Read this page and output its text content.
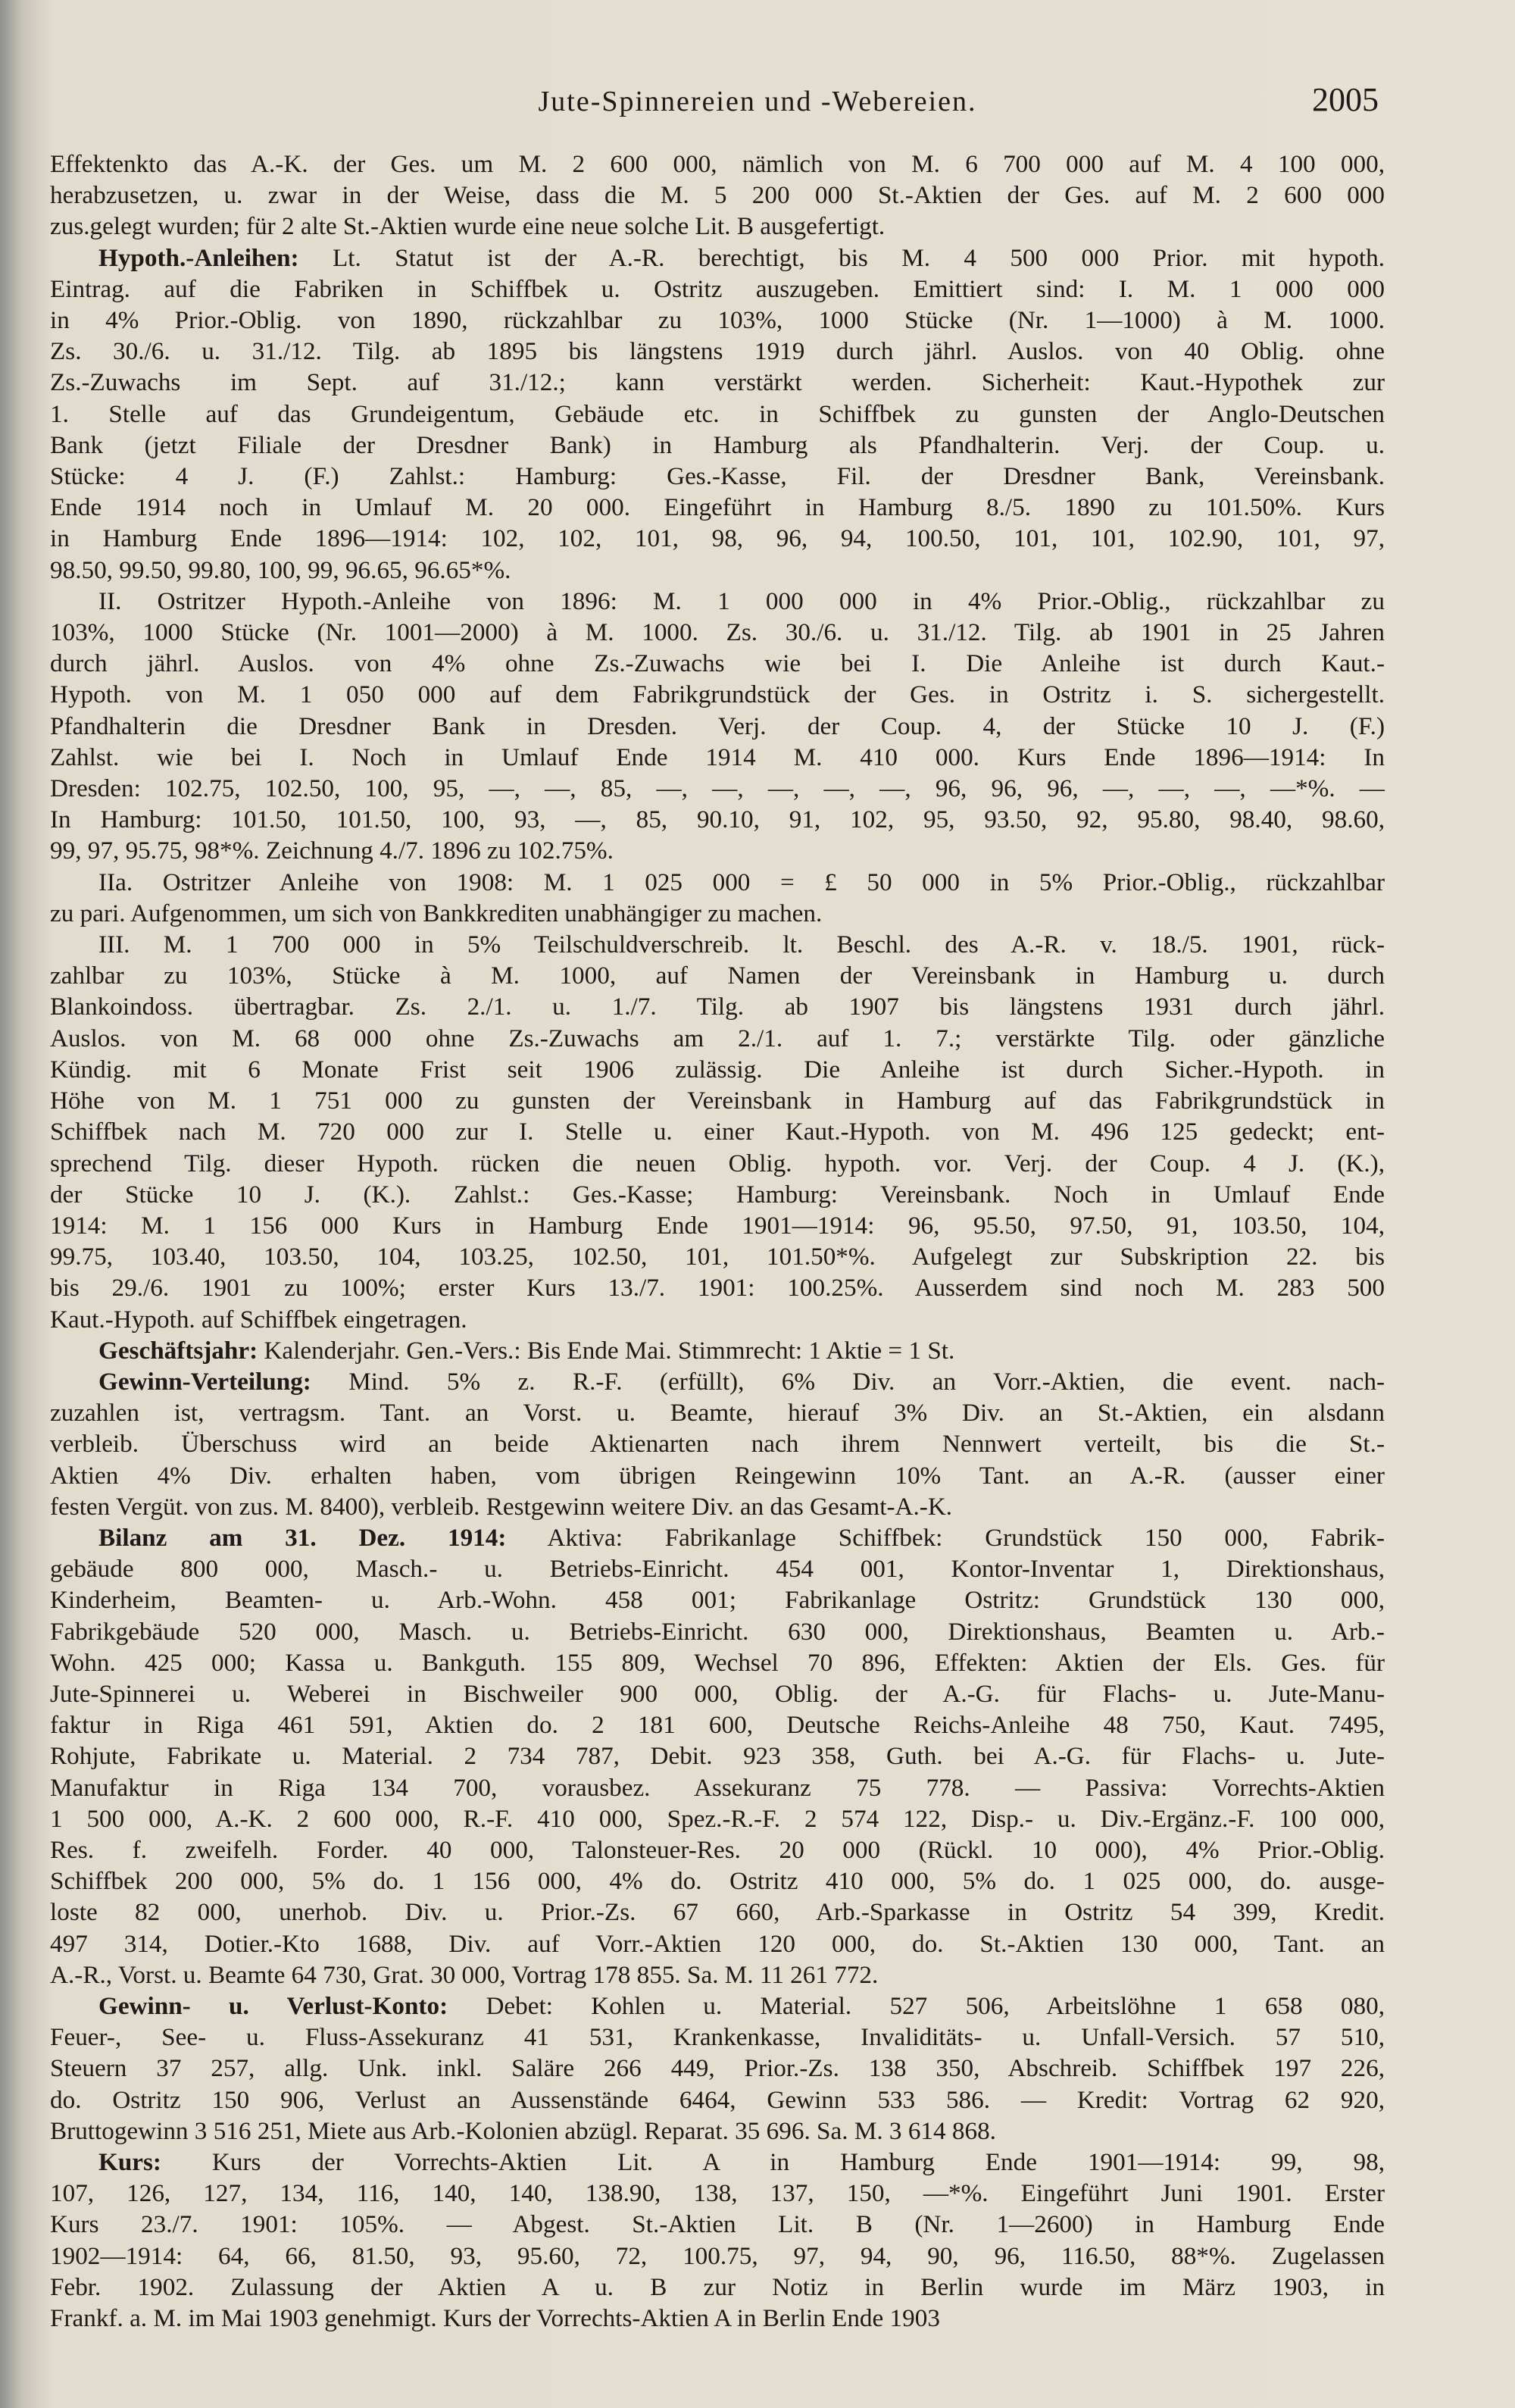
Jute-Spinnereien und -Webereien.	2005
Effektenkto das A.-K. der Ges. um M. 2 600 000, nämlich von M. 6 700 000 auf M. 4 100 000,
herabzusetzen, u. zwar in der Weise, dass die M. 5 200 000 St.-Aktien der Ges. auf M. 2 600 000
zus.gelegt wurden; für 2 alte St.-Aktien wurde eine neue solche Lit. B ausgefertigt.
Hypoth.-Anleihen: Lt. Statut ist der A.-R. berechtigt, bis M. 4 500 000 Prior. mit hypoth.
Eintrag. auf die Fabriken in Schiffbek u. Ostritz auszugeben. Emittiert sind: I. M. 1 000 000
in 4% Prior.-Oblig. von 1890, rückzahlbar zu 103%, 1000 Stücke (Nr. 1—1000) à M. 1000.
Zs. 30./6. u. 31./12. Tilg. ab 1895 bis längstens 1919 durch jährl. Auslos. von 40 Oblig. ohne
Zs.-Zuwachs im Sept. auf 31./12.; kann verstärkt werden. Sicherheit: Kaut.-Hypothek zur
1. Stelle auf das Grundeigentum, Gebäude etc. in Schiffbek zu gunsten der Anglo-Deutschen
Bank (jetzt Filiale der Dresdner Bank) in Hamburg als Pfandhalterin. Verj. der Coup. u.
Stücke: 4 J. (F.) Zahlst.: Hamburg: Ges.-Kasse, Fil. der Dresdner Bank, Vereinsbank.
Ende 1914 noch in Umlauf M. 20 000. Eingeführt in Hamburg 8./5. 1890 zu 101.50%. Kurs
in Hamburg Ende 1896—1914: 102, 102, 101, 98, 96, 94, 100.50, 101, 101, 102.90, 101, 97,
98.50, 99.50, 99.80, 100, 99, 96.65, 96.65*%.
II. Ostritzer Hypoth.-Anleihe von 1896: M. 1 000 000 in 4% Prior.-Oblig., rückzahlbar zu
103%, 1000 Stücke (Nr. 1001—2000) à M. 1000. Zs. 30./6. u. 31./12. Tilg. ab 1901 in 25 Jahren
durch jährl. Auslos. von 4% ohne Zs.-Zuwachs wie bei I. Die Anleihe ist durch Kaut.-
Hypoth. von M. 1 050 000 auf dem Fabrikgrundstück der Ges. in Ostritz i. S. sichergestellt.
Pfandhalterin die Dresdner Bank in Dresden. Verj. der Coup. 4, der Stücke 10 J. (F.)
Zahlst. wie bei I. Noch in Umlauf Ende 1914 M. 410 000. Kurs Ende 1896—1914: In
Dresden: 102.75, 102.50, 100, 95, —, —, 85, —, —, —, —, —, 96, 96, 96, —, —, —, —*%. —
In Hamburg: 101.50, 101.50, 100, 93, —, 85, 90.10, 91, 102, 95, 93.50, 92, 95.80, 98.40, 98.60,
99, 97, 95.75, 98*%. Zeichnung 4./7. 1896 zu 102.75%.
IIa. Ostritzer Anleihe von 1908: M. 1 025 000 = £ 50 000 in 5% Prior.-Oblig., rückzahlbar
zu pari. Aufgenommen, um sich von Bankkrediten unabhängiger zu machen.
III. M. 1 700 000 in 5% Teilschuldverschreib. lt. Beschl. des A.-R. v. 18./5. 1901, rück-
zahlbar zu 103%, Stücke à M. 1000, auf Namen der Vereinsbank in Hamburg u. durch
Blankoindoss. übertragbar. Zs. 2./1. u. 1./7. Tilg. ab 1907 bis längstens 1931 durch jährl.
Auslos. von M. 68 000 ohne Zs.-Zuwachs am 2./1. auf 1. 7.; verstärkte Tilg. oder gänzliche
Kündig. mit 6 Monate Frist seit 1906 zulässig. Die Anleihe ist durch Sicher.-Hypoth. in
Höhe von M. 1 751 000 zu gunsten der Vereinsbank in Hamburg auf das Fabrikgrundstück in
Schiffbek nach M. 720 000 zur I. Stelle u. einer Kaut.-Hypoth. von M. 496 125 gedeckt; ent-
sprechend Tilg. dieser Hypoth. rücken die neuen Oblig. hypoth. vor. Verj. der Coup. 4 J. (K.),
der Stücke 10 J. (K.). Zahlst.: Ges.-Kasse; Hamburg: Vereinsbank. Noch in Umlauf Ende
1914: M. 1 156 000 Kurs in Hamburg Ende 1901—1914: 96, 95.50, 97.50, 91, 103.50, 104,
99.75, 103.40, 103.50, 104, 103.25, 102.50, 101, 101.50*%. Aufgelegt zur Subskription 22. bis
bis 29./6. 1901 zu 100%; erster Kurs 13./7. 1901: 100.25%. Ausserdem sind noch M. 283 500
Kaut.-Hypoth. auf Schiffbek eingetragen.
Geschäftsjahr: Kalenderjahr. Gen.-Vers.: Bis Ende Mai. Stimmrecht: 1 Aktie = 1 St.
Gewinn-Verteilung: Mind. 5% z. R.-F. (erfüllt), 6% Div. an Vorr.-Aktien, die event. nach-
zuzahlen ist, vertragsm. Tant. an Vorst. u. Beamte, hierauf 3% Div. an St.-Aktien, ein alsdann
verbleib. Überschuss wird an beide Aktienarten nach ihrem Nennwert verteilt, bis die St.-
Aktien 4% Div. erhalten haben, vom übrigen Reingewinn 10% Tant. an A.-R. (ausser einer
festen Vergüt. von zus. M. 8400), verbleib. Restgewinn weitere Div. an das Gesamt-A.-K.
Bilanz am 31. Dez. 1914: Aktiva: Fabrikanlage Schiffbek: Grundstück 150 000, Fabrik-
gebäude 800 000, Masch.- u. Betriebs-Einricht. 454 001, Kontor-Inventar 1, Direktionshaus,
Kinderheim, Beamten- u. Arb.-Wohn. 458 001; Fabrikanlage Ostritz: Grundstück 130 000,
Fabrikgebäude 520 000, Masch. u. Betriebs-Einricht. 630 000, Direktionshaus, Beamten u. Arb.-
Wohn. 425 000; Kassa u. Bankguth. 155 809, Wechsel 70 896, Effekten: Aktien der Els. Ges. für
Jute-Spinnerei u. Weberei in Bischweiler 900 000, Oblig. der A.-G. für Flachs- u. Jute-Manu-
faktur in Riga 461 591, Aktien do. 2 181 600, Deutsche Reichs-Anleihe 48 750, Kaut. 7495,
Rohjute, Fabrikate u. Material. 2 734 787, Debit. 923 358, Guth. bei A.-G. für Flachs- u. Jute-
Manufaktur in Riga 134 700, vorausbez. Assekuranz 75 778. — Passiva: Vorrechts-Aktien
1 500 000, A.-K. 2 600 000, R.-F. 410 000, Spez.-R.-F. 2 574 122, Disp.- u. Div.-Ergänz.-F. 100 000,
Res. f. zweifelh. Forder. 40 000, Talonsteuer-Res. 20 000 (Rückl. 10 000), 4% Prior.-Oblig.
Schiffbek 200 000, 5% do. 1 156 000, 4% do. Ostritz 410 000, 5% do. 1 025 000, do. ausge-
loste 82 000, unerhob. Div. u. Prior.-Zs. 67 660, Arb.-Sparkasse in Ostritz 54 399, Kredit.
497 314, Dotier.-Kto 1688, Div. auf Vorr.-Aktien 120 000, do. St.-Aktien 130 000, Tant. an
A.-R., Vorst. u. Beamte 64 730, Grat. 30 000, Vortrag 178 855. Sa. M. 11 261 772.
Gewinn- u. Verlust-Konto: Debet: Kohlen u. Material. 527 506, Arbeitslöhne 1 658 080,
Feuer-, See- u. Fluss-Assekuranz 41 531, Krankenkasse, Invaliditäts- u. Unfall-Versich. 57 510,
Steuern 37 257, allg. Unk. inkl. Saläre 266 449, Prior.-Zs. 138 350, Abschreib. Schiffbek 197 226,
do. Ostritz 150 906, Verlust an Aussenstände 6464, Gewinn 533 586. — Kredit: Vortrag 62 920,
Bruttogewinn 3 516 251, Miete aus Arb.-Kolonien abzügl. Reparat. 35 696. Sa. M. 3 614 868.
Kurs: Kurs der Vorrechts-Aktien Lit. A in Hamburg Ende 1901—1914: 99, 98,
107, 126, 127, 134, 116, 140, 140, 138.90, 138, 137, 150, —*%. Eingeführt Juni 1901. Erster
Kurs 23./7. 1901: 105%. — Abgest. St.-Aktien Lit. B (Nr. 1—2600) in Hamburg Ende
1902—1914: 64, 66, 81.50, 93, 95.60, 72, 100.75, 97, 94, 90, 96, 116.50, 88*%. Zugelassen
Febr. 1902. Zulassung der Aktien A u. B zur Notiz in Berlin wurde im März 1903, in
Frankf. a. M. im Mai 1903 genehmigt. Kurs der Vorrechts-Aktien A in Berlin Ende 1903
